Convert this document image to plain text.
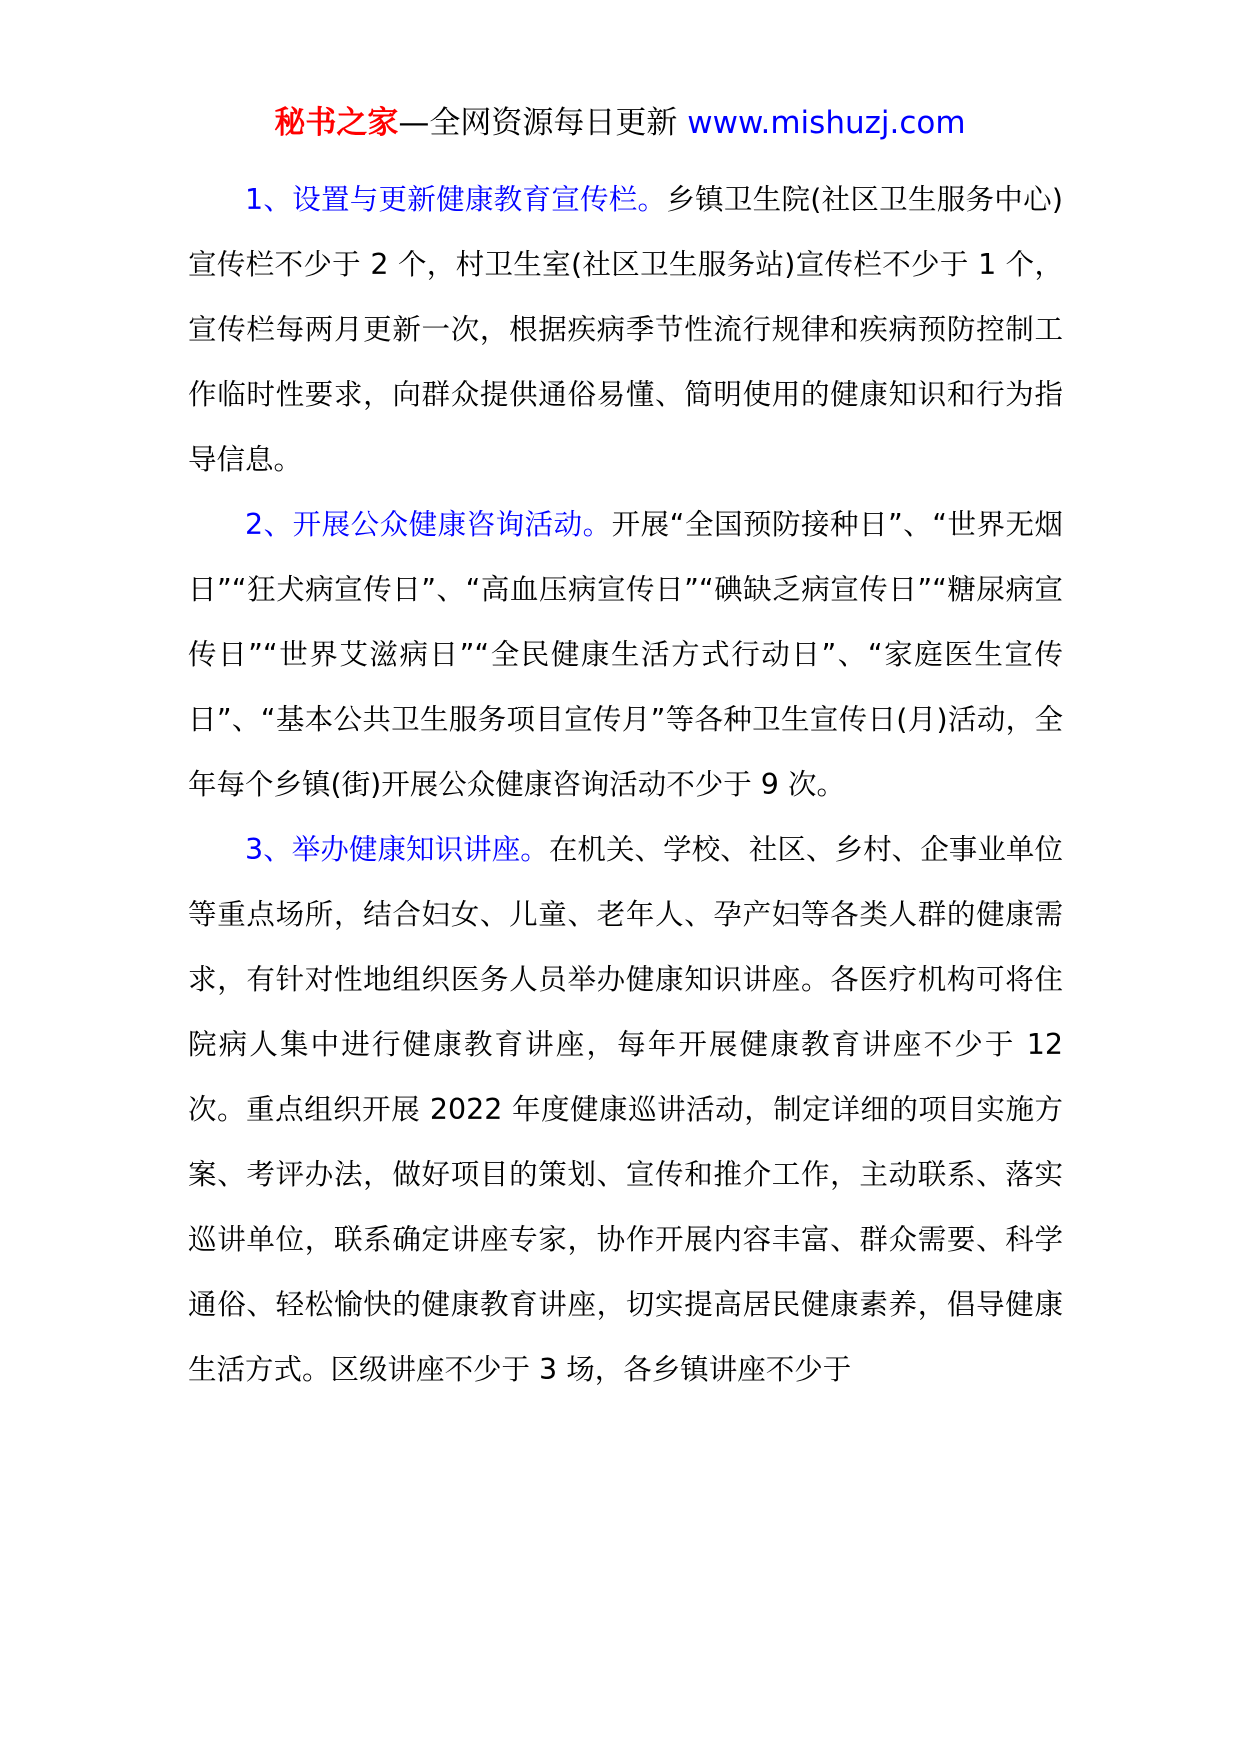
秘书之家—全网资源每日更新 www.mishuzj.com

1、设置与更新健康教育宣传栏。乡镇卫生院(社区卫生服务中心)宣传栏不少于 2 个，村卫生室(社区卫生服务站)宣传栏不少于 1 个，宣传栏每两月更新一次，根据疾病季节性流行规律和疾病预防控制工作临时性要求，向群众提供通俗易懂、简明使用的健康知识和行为指导信息。

2、开展公众健康咨询活动。开展“全国预防接种日”、“世界无烟日”“狂犬病宣传日”、“高血压病宣传日”“碘缺乏病宣传日”“糖尿病宣传日”“世界艾滋病日”“全民健康生活方式行动日”、“家庭医生宣传日”、“基本公共卫生服务项目宣传月”等各种卫生宣传日(月)活动，全年每个乡镇(街)开展公众健康咨询活动不少于 9 次。

3、举办健康知识讲座。在机关、学校、社区、乡村、企事业单位等重点场所，结合妇女、儿童、老年人、孕产妇等各类人群的健康需求，有针对性地组织医务人员举办健康知识讲座。各医疗机构可将住院病人集中进行健康教育讲座，每年开展健康教育讲座不少于 12 次。重点组织开展 2022 年度健康巡讲活动，制定详细的项目实施方案、考评办法，做好项目的策划、宣传和推介工作，主动联系、落实巡讲单位，联系确定讲座专家，协作开展内容丰富、群众需要、科学通俗、轻松愉快的健康教育讲座，切实提高居民健康素养，倡导健康生活方式。区级讲座不少于 3 场，各乡镇讲座不少于
